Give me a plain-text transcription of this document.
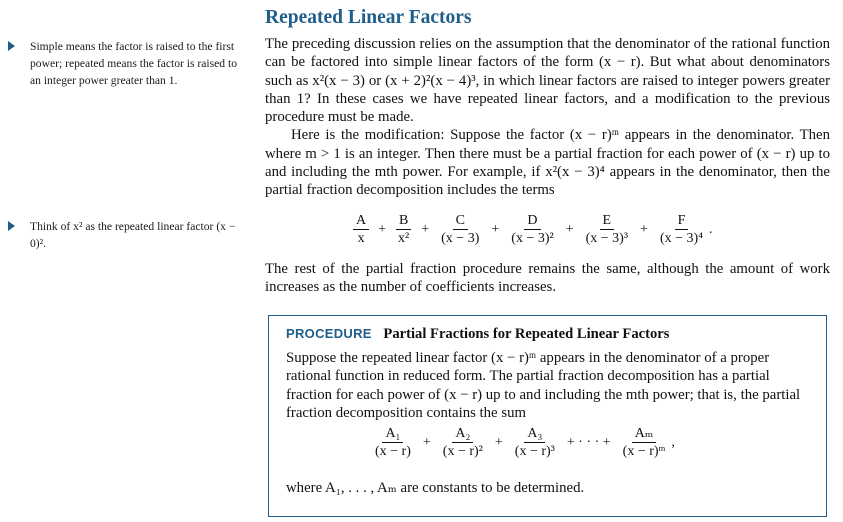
Repeated Linear Factors
Simple means the factor is raised to the first power; repeated means the factor is raised to an integer power greater than 1.
Think of x² as the repeated linear factor (x − 0)².

The preceding discussion relies on the assumption that the denominator of the rational function can be factored into simple linear factors of the form (x − r). But what about denominators such as x²(x − 3) or (x + 2)²(x − 4)³, in which linear factors are raised to integer powers greater than 1? In these cases we have repeated linear factors, and a modification to the previous procedure must be made.

Here is the modification: Suppose the factor (x − r)ᵐ appears in the denominator. Then where m > 1 is an integer. Then there must be a partial fraction for each power of (x − r) up to and including the mth power. For example, if x²(x − 3)⁴ appears in the denominator, then the partial fraction decomposition includes the terms

A
x
+ $\frac{B}{\text{x²}} + \frac{C}{(x - 3)} + \frac{D}{\text{(x − 3)²}} + \frac{E}{\text{(x − 3)³}} + \frac{F}{\text{(x − 3)⁴}}$ .
The rest of the partial fraction procedure remains the same, although the amount of work increases as the number of coefficients increases.
PROCEDURE Partial Fractions for Repeated Linear Factors
Suppose the repeated linear factor (x − r)ᵐ appears in the denominator of a proper rational function in reduced form. The partial fraction decomposition has a partial fraction for each power of (x − r) up to and including the mth power; that is, the partial fraction decomposition contains the sum
A₁
(x − r)
+ $\frac{\text{A₂}}{\text{(x − r)²}} + \frac{\text{A₃}}{\text{(x − r)³}}$ + · · · + $\frac{\text{Aₘ}}{\text{(x − r)ᵐ}}$ ,
where A₁, . . . , Aₘ are constants to be determined.
